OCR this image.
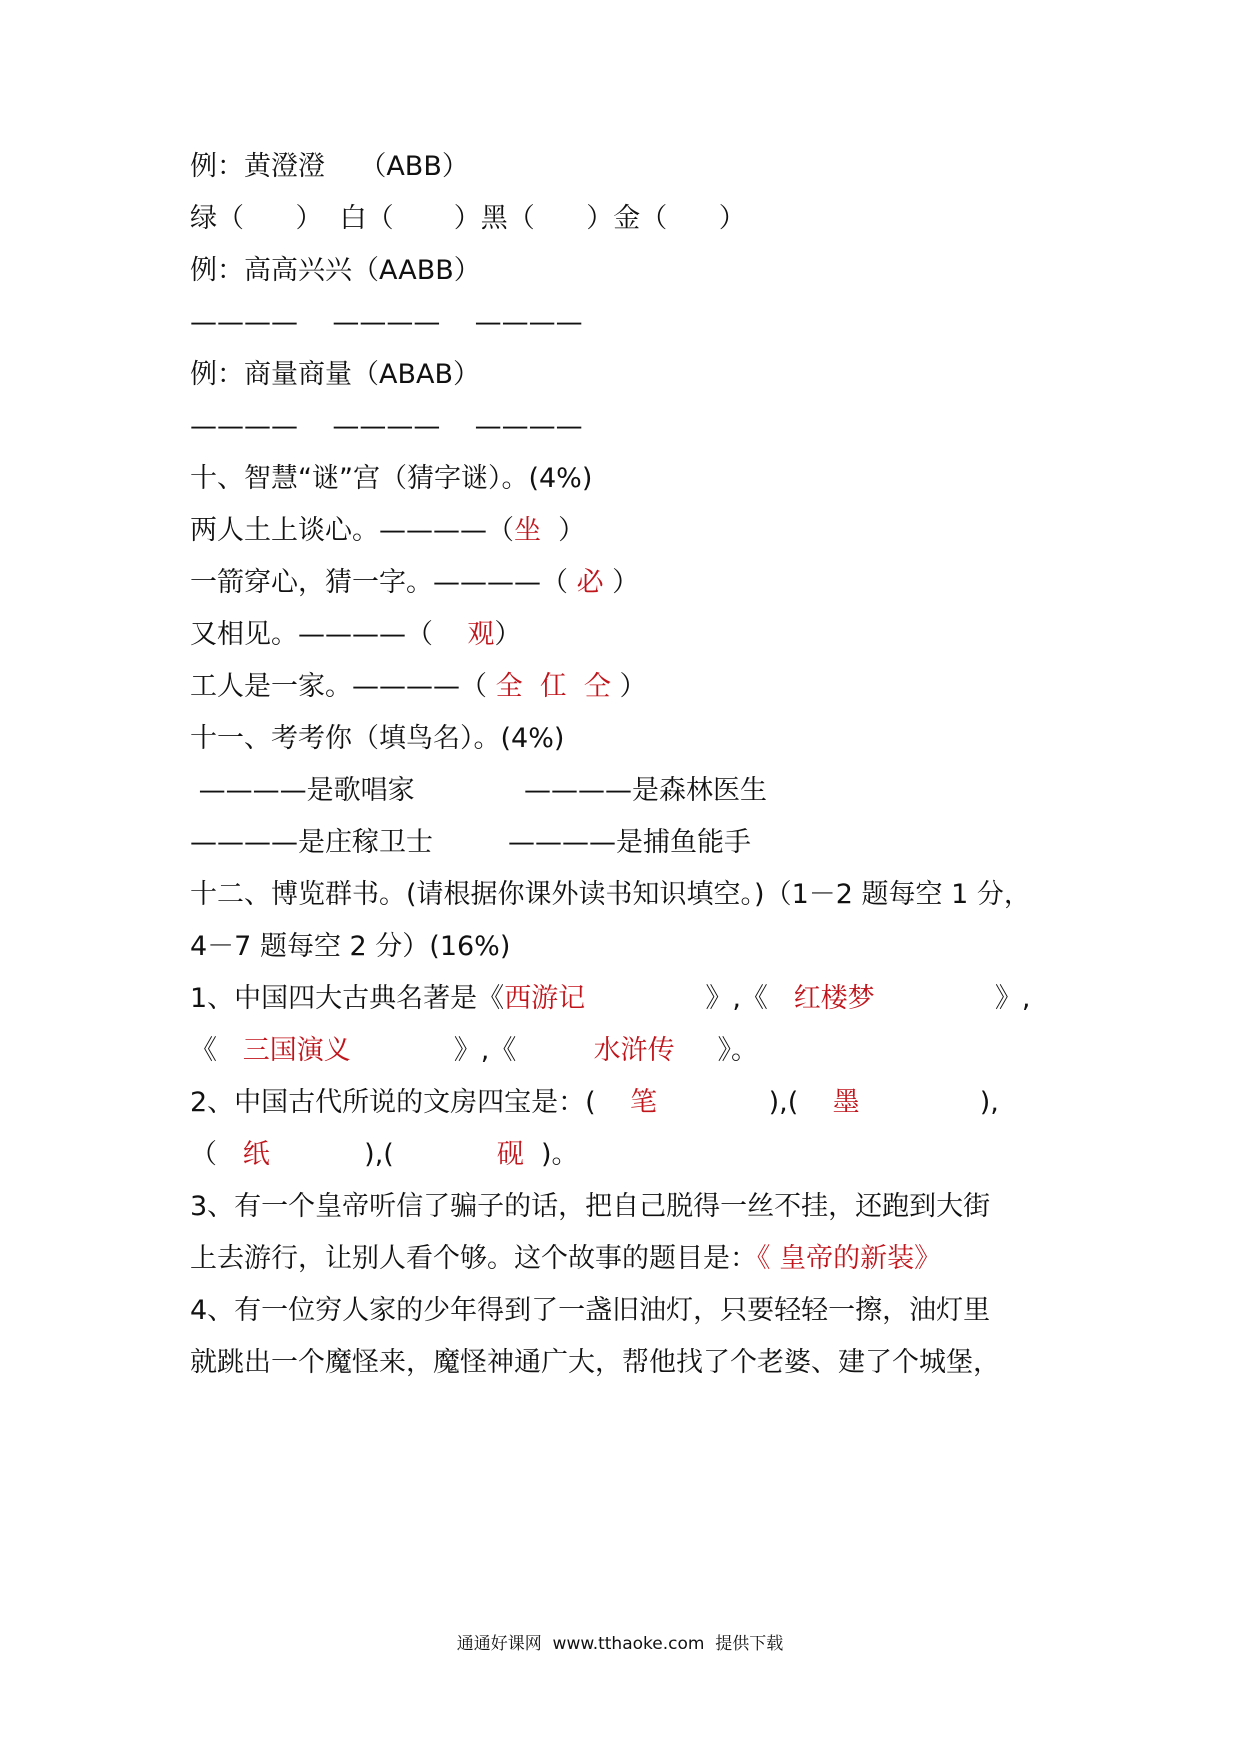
例：黄澄澄    （ABB）
绿（      ）  白（       ）黑（      ）金（      ）
例：高高兴兴（AABB）
————    ————    ————
例：商量商量（ABAB）
————    ————    ————
十、智慧“谜”宫（猜字谜）。(4%)
两人土上谈心。————（坐  ）
一箭穿心，猜一字。————（ 必 ）
又相见。————（    观）
工人是一家。————（ 全  仜  仝 ）
十一、考考你（填鸟名）。(4%)
————是歌唱家	————是森林医生
————是庄稼卫士	————是捕鱼能手
十二、博览群书。(请根据你课外读书知识填空。)（1－2 题每空 1 分，
4－7 题每空 2 分）(16%)
1、中国四大古典名著是《西游记              》,《   红楼梦              》,
《   三国演义            》,《         水浒传     》。
2、中国古代所说的文房四宝是：(    笔             ),(    墨              ),
（   纸           ),(            砚  )。
3、有一个皇帝听信了骗子的话，把自己脱得一丝不挂，还跑到大街
上去游行，让别人看个够。这个故事的题目是：《 皇帝的新装》
4、有一位穷人家的少年得到了一盏旧油灯，只要轻轻一擦，油灯里
就跳出一个魔怪来，魔怪神通广大，帮他找了个老婆、建了个城堡，
通通好课网  www.tthaoke.com  提供下载
